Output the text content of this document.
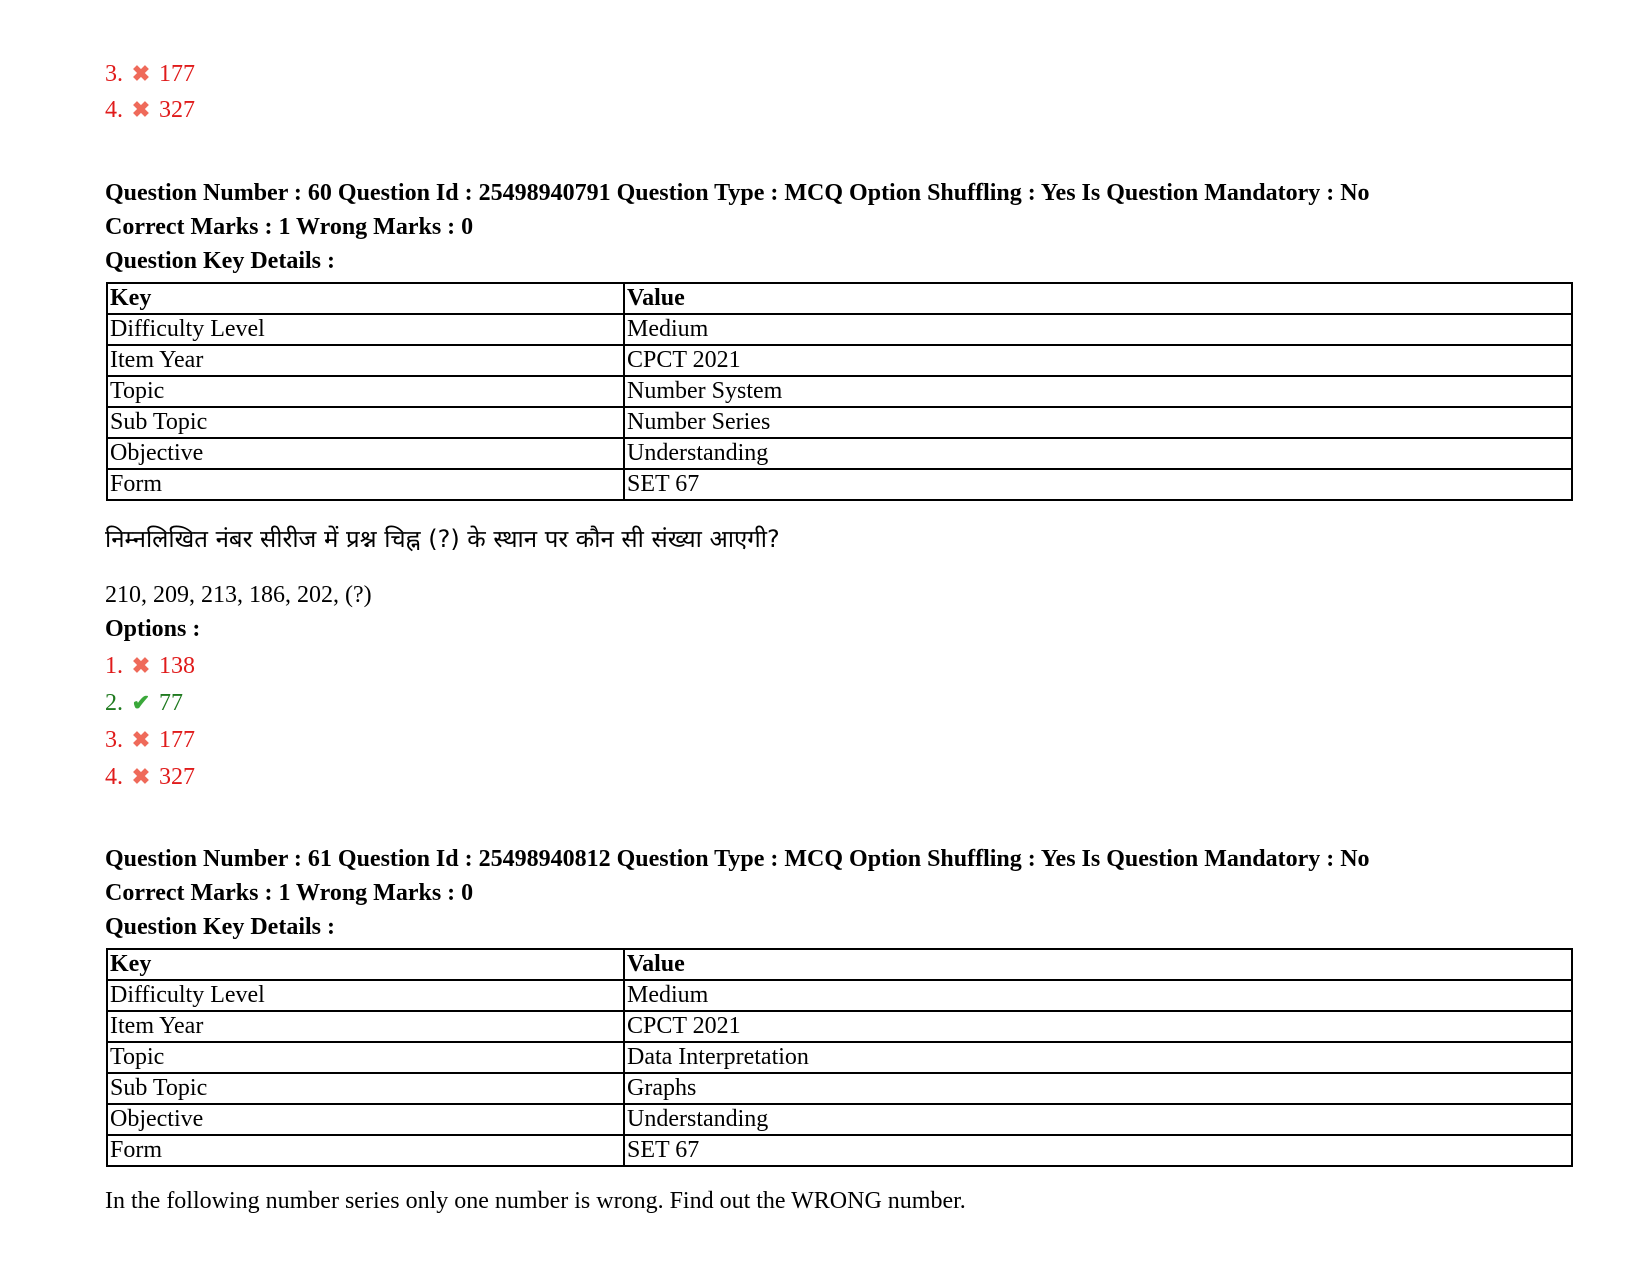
3. ✖ 177
4. ✖ 327
Question Number : 60 Question Id : 25498940791 Question Type : MCQ Option Shuffling : Yes Is Question Mandatory : No
Correct Marks : 1 Wrong Marks : 0
Question Key Details :
Key	Value
Difficulty Level	Medium
Item Year	CPCT 2021
Topic	Number System
Sub Topic	Number Series
Objective	Understanding
Form	SET 67
निम्नलिखित नंबर सीरीज में प्रश्न चिह्न (?) के स्थान पर कौन सी संख्या आएगी?
210, 209, 213, 186, 202, (?)
Options :
1. ✖ 138
2. ✔ 77
3. ✖ 177
4. ✖ 327
Question Number : 61 Question Id : 25498940812 Question Type : MCQ Option Shuffling : Yes Is Question Mandatory : No
Correct Marks : 1 Wrong Marks : 0
Question Key Details :
Key	Value
Difficulty Level	Medium
Item Year	CPCT 2021
Topic	Data Interpretation
Sub Topic	Graphs
Objective	Understanding
Form	SET 67
In the following number series only one number is wrong. Find out the WRONG number.
